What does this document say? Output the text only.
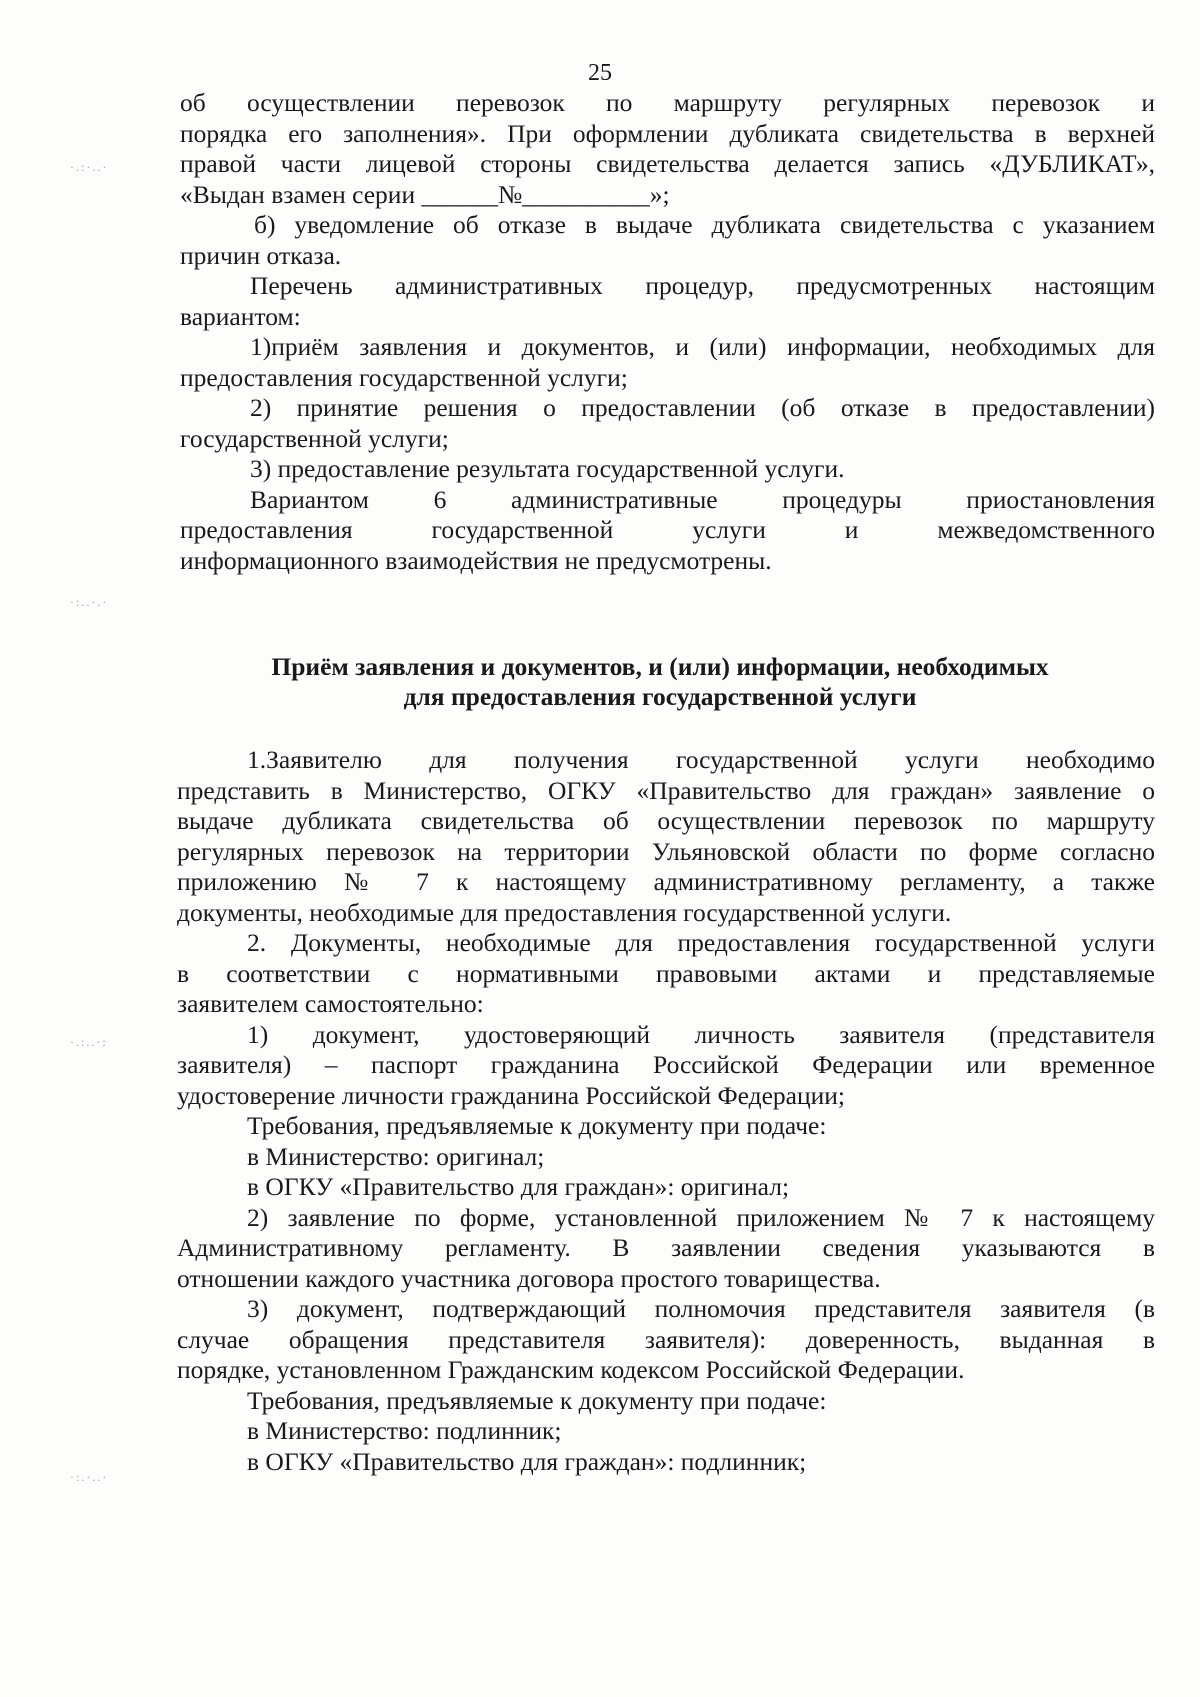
25

об осуществлении перевозок по маршруту регулярных перевозок и

порядка его заполнения». При оформлении дубликата свидетельства в верхней

правой части лицевой стороны свидетельства делается запись «ДУБЛИКАТ»,

«Выдан взамен серии ______№__________»;

б) уведомление об отказе в выдаче дубликата свидетельства с указанием

причин отказа.

Перечень административных процедур, предусмотренных настоящим

вариантом:

1)приём заявления и документов, и (или) информации, необходимых для

предоставления государственной услуги;

2) принятие решения о предоставлении (об отказе в предоставлении)

государственной услуги;

3) предоставление результата государственной услуги.

Вариантом 6 административные процедуры приостановления

предоставления государственной услуги и межведомственного

информационного взаимодействия не предусмотрены.

Приём заявления и документов, и (или) информации, необходимых

для предоставления государственной услуги

1.Заявителю для получения государственной услуги необходимо

представить в Министерство, ОГКУ «Правительство для граждан» заявление о

выдаче дубликата свидетельства об осуществлении перевозок по маршруту

регулярных перевозок на территории Ульяновской области по форме согласно

приложению № 7 к настоящему административному регламенту, а также

документы, необходимые для предоставления государственной услуги.

2. Документы, необходимые для предоставления государственной услуги

в соответствии с нормативными правовыми актами и представляемые

заявителем самостоятельно:

1) документ, удостоверяющий личность заявителя (представителя

заявителя) – паспорт гражданина Российской Федерации или временное

удостоверение личности гражданина Российской Федерации;

Требования, предъявляемые к документу при подаче:

в Министерство: оригинал;

в ОГКУ «Правительство для граждан»: оригинал;

2) заявление по форме, установленной приложением № 7 к настоящему

Административному регламенту. В заявлении сведения указываются в

отношении каждого участника договора простого товарищества.

3) документ, подтверждающий полномочия представителя заявителя (в

случае обращения представителя заявителя): доверенность, выданная в

порядке, установленном Гражданским кодексом Российской Федерации.

Требования, предъявляемые к документу при подаче:

в Министерство: подлинник;

в ОГКУ «Правительство для граждан»: подлинник;

·.:·..·
·:..·.·
·.:..·:
·:.·..·
